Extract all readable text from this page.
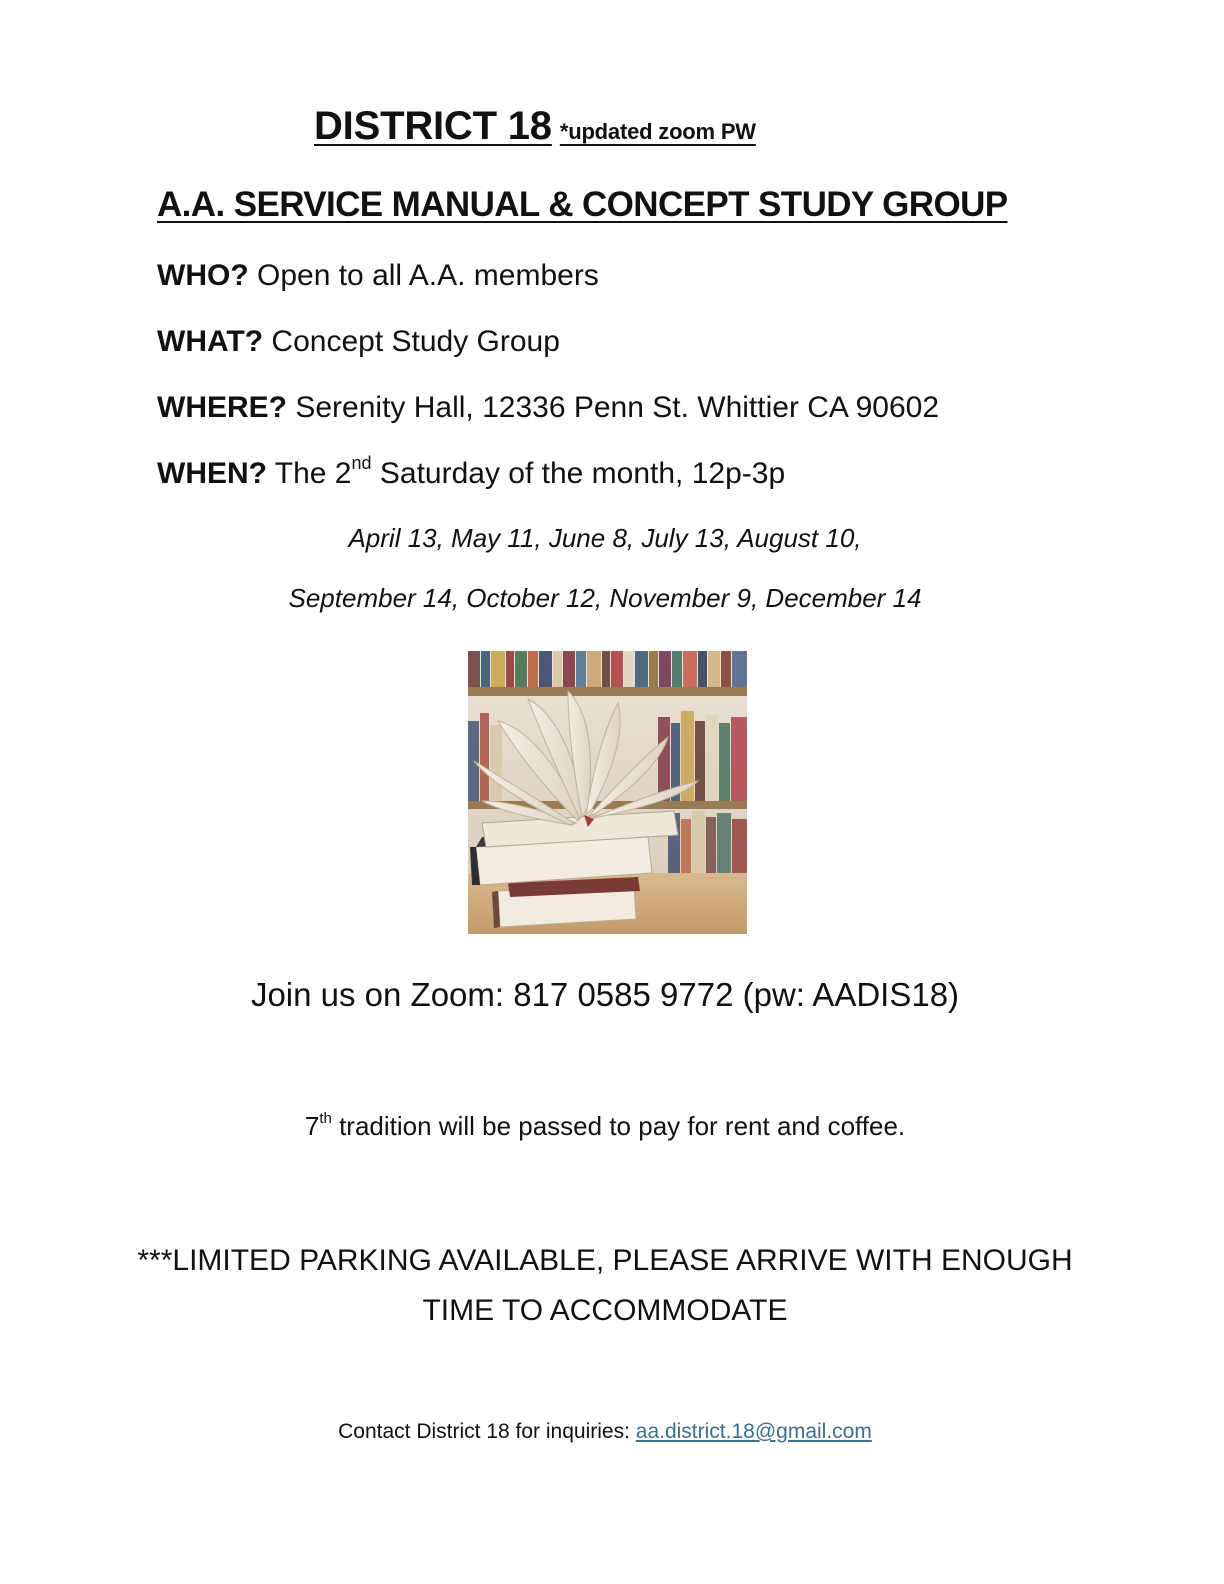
DISTRICT 18 *updated zoom PW
A.A. SERVICE MANUAL & CONCEPT STUDY GROUP
WHO? Open to all A.A. members
WHAT? Concept Study Group
WHERE? Serenity Hall, 12336 Penn St. Whittier CA 90602
WHEN? The 2nd Saturday of the month, 12p-3p
April 13, May 11, June 8, July 13, August 10,
September 14, October 12, November 9, December 14
Join us on Zoom: 817 0585 9772 (pw: AADIS18)
7th tradition will be passed to pay for rent and coffee.
***LIMITED PARKING AVAILABLE, PLEASE ARRIVE WITH ENOUGH
TIME TO ACCOMMODATE
Contact District 18 for inquiries: aa.district.18@gmail.com
